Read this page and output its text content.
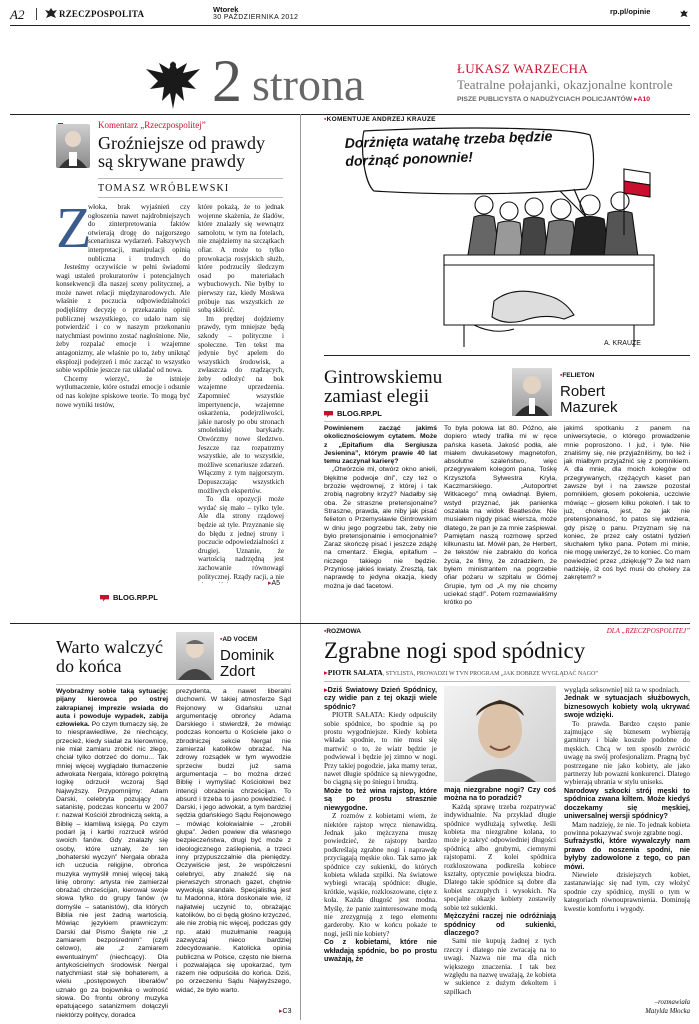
A2	RZECZPOSPOLITA	Wtorek
30 PAŹDZIERNIKA 2012
rp.pl/opinie
2 strona	ŁUKASZ WARZECHA
Teatralne połajanki, okazjonalne kontrole
PISZE PUBLICYSTA O NADUŻYCIACH POLICJANTÓW ▸A10
Komentarz „Rzeczpospolitej”
Groźniejsze od prawdy są skrywane prawdy
TOMASZ WRÓBLEWSKI
Z

włoka, brak wyjaśnień czy ogłoszenia nawet najdrobniejszych do zinterpretowania faktów otwierają drogę do najgorszego scenariusza wydarzeń. Fałszywych interpretacji, manipulacji opinią publiczną i trudnych do

Jesteśmy oczywiście w pełni świadomi wagi ustaleń prokuratorów i potencjalnych konsekwencji dla naszej sceny politycznej, a może nawet relacji międzynarodowych. Ale właśnie z poczucia odpowiedzialności podjęliśmy decyzję o przekazaniu opinii publicznej wszystkiego, co udało nam się potwierdzić i co w naszym przekonaniu natychmiast powinno zostać nagłośnione. Nie, żeby rozpalać emocje i wzajemne antagonizmy, ale właśnie po to, żeby uniknąć eksplozji podejrzeń i móc zacząć to wszystko sobie wspólnie jeszcze raz układać od nowa.

Chcemy wierzyć, że istnieje wytłumaczenie, które ostudzi emocje i odsunie od nas kolejne spiskowe teorie. To mogą być nowe wyniki testów,

które pokażą, że to jednak wojenne skażenia, że śladów, które znalazły się wewnątrz samolotu, w tym na fotelach, nie znajdziemy na szczątkach ofiar. A może to tylko prowokacja rosyjskich służb, które podrzuciły śledczym osad po materiałach wybuchowych. Nie byłby to pierwszy raz, kiedy Moskwa próbuje nas wszystkich ze sobą skłócić.

Im prędzej dojdziemy prawdy, tym mniejsze będą szkody – polityczne i społeczne. Ten tekst ma jedynie być apelem do wszystkich środowisk, a zwłaszcza do rządzących, żeby odłożyć na bok wzajemne uprzedzenia. Zapomnieć wszystkie impertynencje, wzajemne oskarżenia, podejrzliwości, jakie narosły po obu stronach smoleńskiej barykady. Otwórzmy nowe śledztwo. Jeszcze raz rozpatrzmy wszystkie, ale to wszystkie, możliwe scenariusze zdarzeń. Włączmy z tym najgorszym. Dopuszczając wszystkich możliwych ekspertów.

To dla opozycji może wydać się mało – tylko tyle. Ale dla strony rządowej będzie aż tyle. Przyznanie się do błędu z jednej strony i poczucie odpowiedzialności z drugiej. Uznanie, że wartością nadrzędną jest zachowanie równowagi politycznej. Rządy racji, a nie

▸A5
BLOG.RP.PL
▪KOMENTUJE ANDRZEJ KRAUZE
A. KRAUZE
Dorżnięta watahę trzeba będzie dorżnąć ponownie!
Gintrowskiemu zamiast elegii
BLOG.RP.PL
▪FELIETON
Robert
Mazurek

Powinienem zacząć jakimś okolicznościowym cytatem. Może z „Epitafium dla Sergiusza Jesienina”, którym prawie 40 lat temu zaczynał karierę?

„Otwórzcie mi, otwórz okno anieli, błękitne podwoje dni”, czy też o brzozie wędrownej, z której i tak zrobią nagrobny krzyż? Nadałby się oba. Że straszne pretensjonalne? Straszne, prawda, ale niby jak pisać felieton o Przemysławie Gintrowskim w dniu jego pogrzebu tak, żeby nie było pretensjonalnie i emocjonalnie? Zaraz skończę pisać i jeszcze zdążę na cmentarz. Elegia, epitafium – niczego takiego nie będzie. Przyniosę jakieś kwiaty. Zresztą, tak naprawdę to jedyna okazja, kiedy można je dać facetowi.

To była połowa lat 80. Późno, ale dopiero wtedy trafiła mi w ręce pańska kaseta. Jakość podła, ale miałem dwukasetowy magnetofon, absolutne szaleństwo, więc przegrywałem kolegom pana, Tośkę Krzysztofa Sylwestra Kryla, Kaczmarskiego. „Autoportret Witkacego” mną owładnął. Byłem, wstyd przyznać, jak panienka oszalała na widok Beatlesów. Nie musiałem nigdy pisać wiersza, może dlatego, że pan je za mnie zaśpiewał. Pamiętam naszą rozmowę sprzed kilkunastu lat. Mówił pan, że Herbert, że tekstów nie zabrakło do końca życia, że filmy, że zdradziłem, że byłem ministrantem na pogrzebie ofiar pożaru w szpitalu w Górnej Grupie, tym od „A my nie chcemy uciekać stąd!”. Potem rozmawialiśmy krótko po

jakimś spotkaniu z panem na uniwersytecie, o którego prowadzenie mnie poproszono. I już, i tyle. Nie znaliśmy się, nie przyjaźniliśmy, bo też i jak miałbym przyjaźnić się z pomnikiem. A dla mnie, dla moich kolegów od przegrywanych, rzężących kaset pan zawsze był i na zawsze pozostał pomnikiem, głosem pokolenia, uczciwie mówiąc – głosem kilku pokoleń. I tak to już, cholera, jest, że jak nie pretensjonalność, to patos się wdziera, gdy piszę o panu. Przyznam się na koniec, że przez cały ostatni tydzień słuchałem tylko pana. Potem mi minie, nie mogę uwierzyć, że to koniec. Co mam powiedzieć przez „dziękuję”? Że też nam nadzieję, iż coś być musi do cholery za zakrętem? »

Warto walczyć do końca
▪AD VOCEM
Dominik
Zdort

Wyobraźmy sobie taką sytuację: pijany kierowca po ostrej zakrapianej imprezie wsiada do auta i powoduje wypadek, zabija człowieka. Po czym tłumaczy się, że to niesprawiedliwe, że niechcący, przecież, kiedy siadał za kierownicę, nie miał zamiaru zrobić nic złego, chciał tylko dotrzeć do domu... Tak mniej więcej wyglądało tłumaczenie adwokata Nergala, którego pokrętną logikę odrzucił wczoraj Sąd Najwyższy. Przypomnijmy: Adam Darski, celebryta pozujący na satanistę, podczas koncertu w 2007 r. nazwał Kościół zbrodniczą sektą, a Biblię – kłamliwą księgą. Po czym podarł ją i kartki rozrzucił wśród swoich fanów. Gdy znalazły się osoby, które uznały, że ten „bohaterski wyczyn” Nergala obraża ich uczucia religijne, obrońca muzyka wymyślił mniej więcej taką linię obrony: artysta nie zamierzał obrażać chrześcijan, kierował swoje słowa tylko do grupy fanów (w domyśle – satanistów), dla których Biblia nie jest żadną wartością. Mówiąc językiem prawniczym: Darski dał Pismo Święte nie „z zamiarem bezpośrednim” (czyli celowo), ale „z zamiarem ewentualnym” (niechcący). Dla antykościelnych środowisk Nergal natychmiast stał się bohaterem, a wielu „postępowych liberałów” uznało go za bojownika o wolność słowa. Do frontu obrony muzyka epatującego satanizmem dołączyli niektórzy politycy, doradca

prezydenta, a nawet liberalni duchowni. W takiej atmosferze Sąd Rejonowy w Gdańsku uznał argumentację obrońcy Adama Darskiego i stwierdził, że mówiąc podczas koncertu o Kościele jako o zbrodniczej sekcie Nergal nie zamierzał katolików obrażać. Na zdrowy rozsądek w tym wywodzie sprzeciw budzi już sama argumentacja – bo można drzeć Biblię i wymyślać Kościołowi bez intencji obrażenia chrześcijan. To absurd i trzeba to jasno powiedzieć. I Darski, i jego adwokat, a tym bardziej sędzia gdańskiego Sądu Rejonowego – mówiąc kolokwialnie – „zrobili głupa”. Jeden powiew dla własnego bezpieczeństwa, drugi być może z ideologicznego zaślepienia, a trzeci inny przypuszczalnie dla pieniędzy. Oczywiście jest, że współczesni celebryci, aby znaleźć się na pierwszych stronach gazet, chętnie wywołują skandale. Specjalistką jest tu Madonna, która doskonale wie, iż najłatwiej uczynić to, obrażając katolików, bo ci będą głośno krzyczeć, ale nie zrobią nic więcej, podczas gdy np. ataki muzułmanie reagują zazwyczaj nieco bardziej zdecydowanie. Katolicka opinia publiczna w Polsce, często nie bierna i pozwalająca się upokarzać, tym razem nie odpuściła do końca. Dziś, po orzeczeniu Sądu Najwyższego, widać, że było warto.

▸C3
▪ROZMOWA	DLA „RZECZPOSPOLITEJ”
Zgrabne nogi spod spódnicy
▸PIOTR SAŁATA, STYLISTA, PROWADZI W TVN PROGRAM „JAK DOBRZE WYGLĄDAĆ NAGO”

▸Dziś Światowy Dzień Spódnicy, czy widie pan z tej okazji wiele spódnic?

PIOTR SAŁATA: Kiedy odpuściły sobie spódnice, bo spodnie są po prostu wygodniejsze. Kiedy kobieta wkłada spodnie, to nie musi się martwić o to, że wiatr będzie je podwiewał i będzie jej zimno w nogi. Przy takiej pogodzie, jaka mamy teraz, nawet długie spódnice są niewygodne, bo ciągną się po śniegu i brudzą.

Może to też wina rajstop, które są po prostu strasznie niewygodne.

Z rozmów z kobietami wiem, że niektóre rajstop wręcz nienawidzą. Jednak jako mężczyzna muszę powiedzieć, że rajstopy bardzo podkreślają zgrabne nogi i naprawdę przyciągają męskie oko. Tak samo jak spódnice czy sukienki, do których kobieta wkłada szpilki. Na światowe wybiegi wracają spódnice: długie, krótkie, wąskie, rozkloszowane, cięte z koła. Każda długość jest modna. Myślę, że panie zainteresowane modą nie zrezygnują z tego elementu garderoby. Kto w końcu pokaże te nogi, jeśli nie kobiety?

Co z kobietami, które nie wkładają spódnic, bo po prostu uważają, że

mają niezgrabne nogi? Czy coś można na to poradzić?

Każdą sprawę trzeba rozpatrywać indywidualnie. Na przykład długie spódnice wydłużają sylwetkę. Jeśli kobieta ma niezgrabne kolana, to może je zakryć odpowiedniej długości spódnicą albo grubymi, ciemnymi rajstopami. Z kolei spódnica rozkloszowana podkreśla kobiece kształty, optycznie powiększa biodra. Dlatego takie spódnice są dobre dla kobiet szczupłych i wysokich. Na specjalne okazje kobiety zostawiły sobie też sukienki.

Mężczyźni raczej nie odróżniają spódnicy od sukienki, dlaczego?

Sami nie kupują żadnej z tych rzeczy i dlatego nie zwracają na to uwagi. Nazwa nie ma dla nich większego znaczenia. I tak bez względu na nazwę uważają, że kobieta w sukience z dużym dekoltem i szpilkach

wygląda seksownie] niż ta w spodniach.

Jednak w sytuacjach służbowych, biznesowych kobiety wolą ukrywać swoje wdzięki.

To prawda. Bardzo często panie zajmujące się biznesem wybierają garnitury i białe koszule podobne do męskich. Chcą w ten sposób zwrócić uwagę na swój profesjonalizm. Pragną być postrzegane nie jako kobiety, ale jako partnerzy lub powazni konkurenci. Dlatego wybierają ubrania w stylu uniseks.

Narodowy szkocki strój męski to spódnica zwana kiltem. Może kiedyś doczekamy się męskiej, uniwersalnej wersji spódnicy?

Mam nadzieję, że nie. To jednak kobieta powinna pokazywać swoje zgrabne nogi.

Sufrażystki, które wywalczyły nam prawo do noszenia spodni, nie byłyby zadowolone z tego, co pan mówi.

Niewiele dzisiejszych kobiet, zastanawiając się nad tym, czy włożyć spodnie czy spódnicę, myśli o tym w kategoriach równouprawnienia. Dominują kwestie komfortu i wygody.

–rozmawiała
Matylda Młocka
